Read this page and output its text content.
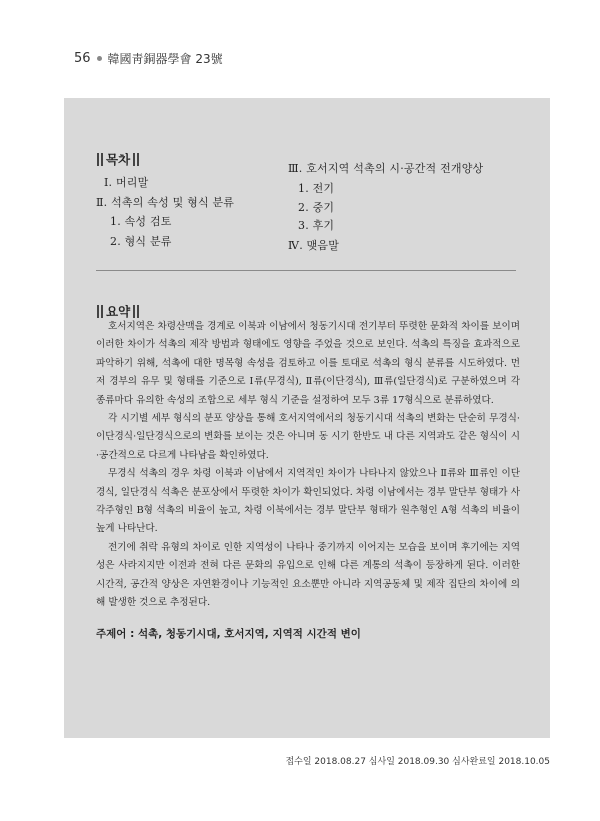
56 韓國靑銅器學會 23號
목차
Ⅰ. 머리말
Ⅱ. 석촉의 속성 및 형식 분류
1. 속성 검토
2. 형식 분류
Ⅲ. 호서지역 석촉의 시·공간적 전개양상
1. 전기
2. 중기
3. 후기
Ⅳ. 맺음말
요약

호서지역은 차령산맥을 경계로 이북과 이남에서 청동기시대 전기부터 뚜렷한 문화적 차이를 보이며 이러한 차이가 석촉의 제작 방법과 형태에도 영향을 주었을 것으로 보인다. 석촉의 특징을 효과적으로 파악하기 위해, 석촉에 대한 명목형 속성을 검토하고 이를 토대로 석촉의 형식 분류를 시도하였다. 먼저 경부의 유무 및 형태를 기준으로 Ⅰ류(무경식), Ⅱ류(이단경식), Ⅲ류(일단경식)로 구분하였으며 각 종류마다 유의한 속성의 조합으로 세부 형식 기준을 설정하여 모두 3류 17형식으로 분류하였다.

각 시기별 세부 형식의 분포 양상을 통해 호서지역에서의 청동기시대 석촉의 변화는 단순히 무경식·이단경식·일단경식으로의 변화를 보이는 것은 아니며 동 시기 한반도 내 다른 지역과도 같은 형식이 시·공간적으로 다르게 나타남을 확인하였다.

무경식 석촉의 경우 차령 이북과 이남에서 지역적인 차이가 나타나지 않았으나 Ⅱ류와 Ⅲ류인 이단경식, 일단경식 석촉은 분포상에서 뚜렷한 차이가 확인되었다. 차령 이남에서는 경부 말단부 형태가 사각주형인 B형 석촉의 비율이 높고, 차령 이북에서는 경부 말단부 형태가 원추형인 A형 석촉의 비율이 높게 나타난다.

전기에 취락 유형의 차이로 인한 지역성이 나타나 중기까지 이어지는 모습을 보이며 후기에는 지역성은 사라지지만 이전과 전혀 다른 문화의 유입으로 인해 다른 계통의 석촉이 등장하게 된다. 이러한 시간적, 공간적 양상은 자연환경이나 기능적인 요소뿐만 아니라 지역공동체 및 제작 집단의 차이에 의해 발생한 것으로 추정된다.

주제어 : 석촉, 청동기시대, 호서지역, 지역적 시간적 변이
접수일 2018.08.27 심사일 2018.09.30 심사완료일 2018.10.05
